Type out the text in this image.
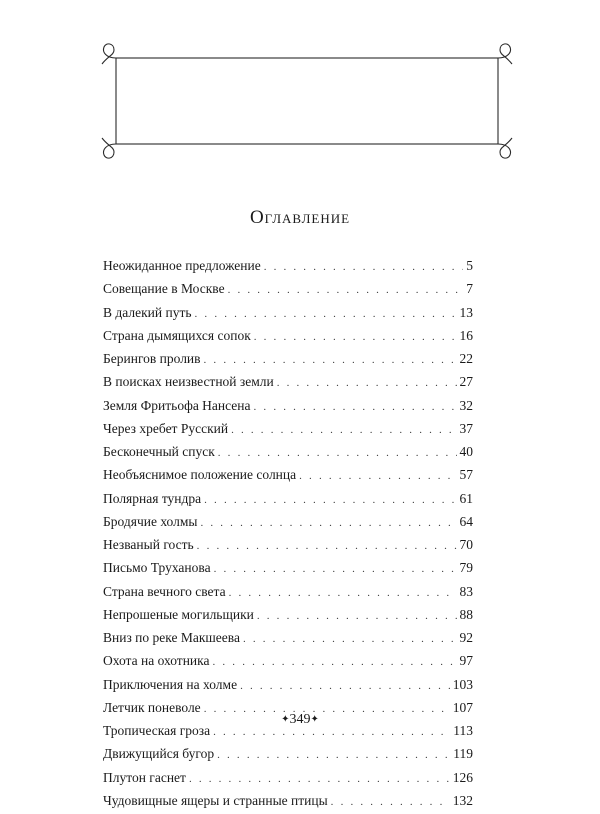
Оглавление
Неожиданное предложение . . .	5
Совещание в Москве . . .	7
В далекий путь . . .	13
Страна дымящихся сопок . . .	16
Берингов пролив . . .	22
В поисках неизвестной земли . . .	27
Земля Фритьофа Нансена . . .	32
Через хребет Русский . . .	37
Бесконечный спуск . . .	40
Необъяснимое положение солнца . . .	57
Полярная тундра . . .	61
Бродячие холмы . . .	64
Незваный гость . . .	70
Письмо Труханова . . .	79
Страна вечного света . . .	83
Непрошеные могильщики . . .	88
Вниз по реке Макшеева . . .	92
Охота на охотника . . .	97
Приключения на холме . . .	103
Летчик поневоле . . .	107
Тропическая гроза . . .	113
Движущийся бугор . . .	119
Плутон гаснет . . .	126
Чудовищные ящеры и странные птицы . . .	132
✦349✦
